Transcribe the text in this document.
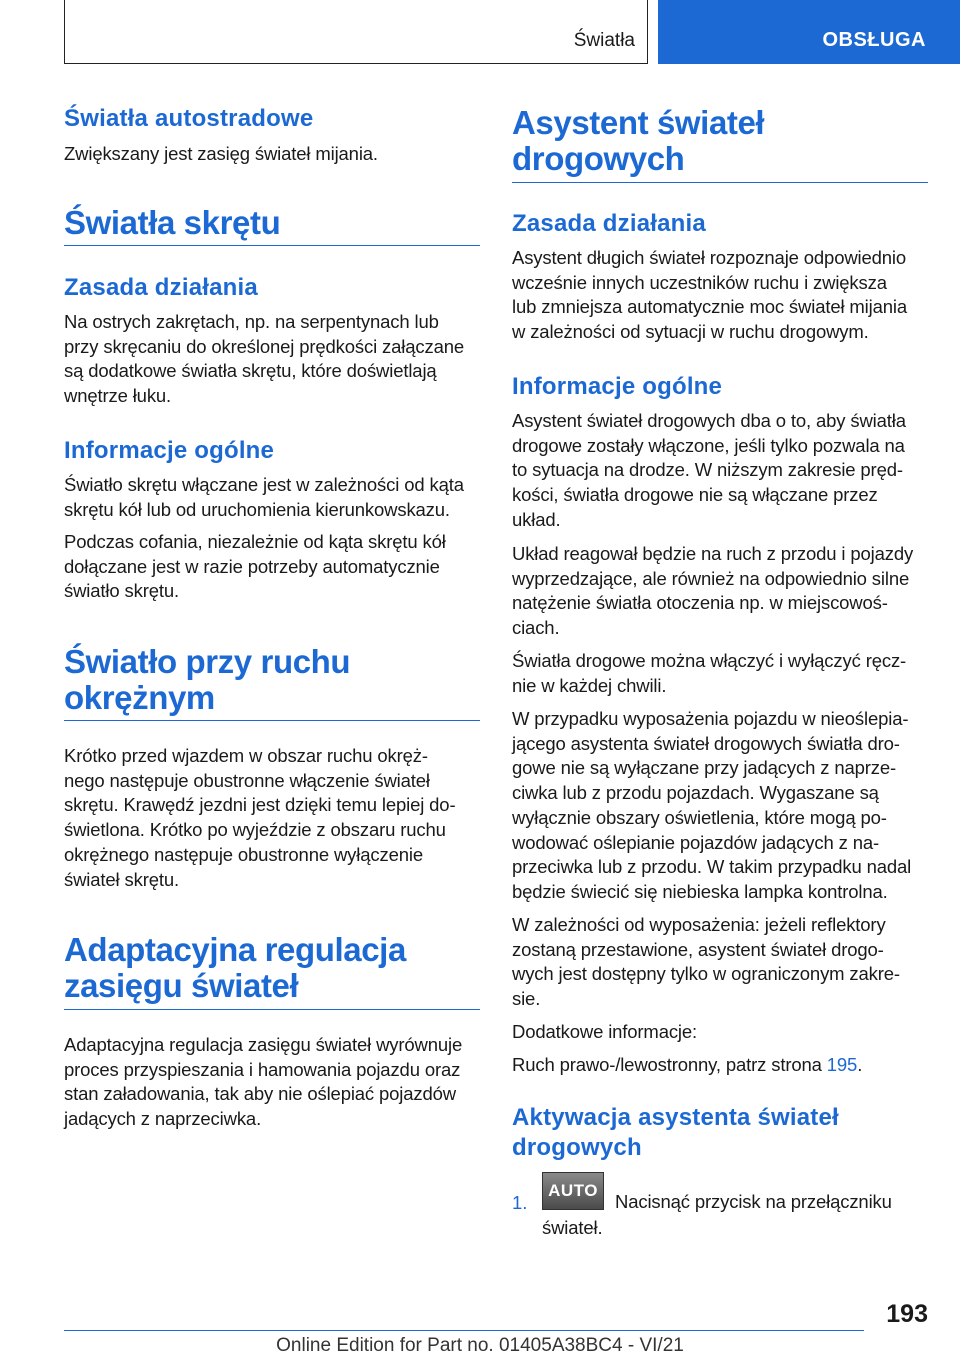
Światła	OBSŁUGA
Światła autostradowe

Zwiększany jest zasięg świateł mijania.

Światła skrętu
Zasada działania

Na ostrych zakrętach, np. na serpentynach lub

przy skręcaniu do określonej prędkości załączane

są dodatkowe światła skrętu, które doświetlają

wnętrze łuku.

Informacje ogólne

Światło skrętu włączane jest w zależności od kąta

skrętu kół lub od uruchomienia kierunkowskazu.

Podczas cofania, niezależnie od kąta skrętu kół

dołączane jest w razie potrzeby automatycznie

światło skrętu.

Światło przy ruchu
okrężnym

Krótko przed wjazdem w obszar ruchu okręż-

nego następuje obustronne włączenie świateł

skrętu. Krawędź jezdni jest dzięki temu lepiej do-

świetlona. Krótko po wyjeździe z obszaru ruchu

okrężnego następuje obustronne wyłączenie

świateł skrętu.

Adaptacyjna regulacja
zasięgu świateł

Adaptacyjna regulacja zasięgu świateł wyrównuje

proces przyspieszania i hamowania pojazdu oraz

stan załadowania, tak aby nie oślepiać pojazdów

jadących z naprzeciwka.

Asystent świateł
drogowych
Zasada działania

Asystent długich świateł rozpoznaje odpowiednio

wcześnie innych uczestników ruchu i zwiększa

lub zmniejsza automatycznie moc świateł mijania

w zależności od sytuacji w ruchu drogowym.

Informacje ogólne

Asystent świateł drogowych dba o to, aby światła

drogowe zostały włączone, jeśli tylko pozwala na

to sytuacja na drodze. W niższym zakresie pręd-

kości, światła drogowe nie są włączane przez

układ.

Układ reagował będzie na ruch z przodu i pojazdy

wyprzedzające, ale również na odpowiednio silne

natężenie światła otoczenia np. w miejscowoś-

ciach.

Światła drogowe można włączyć i wyłączyć ręcz-

nie w każdej chwili.

W przypadku wyposażenia pojazdu w nieoślepia-

jącego asystenta świateł drogowych światła dro-

gowe nie są wyłączane przy jadących z naprze-

ciwka lub z przodu pojazdach. Wygaszane są

wyłącznie obszary oświetlenia, które mogą po-

wodować oślepianie pojazdów jadących z na-

przeciwka lub z przodu. W takim przypadku nadal

będzie świecić się niebieska lampka kontrolna.

W zależności od wyposażenia: jeżeli reflektory

zostaną przestawione, asystent świateł drogo-

wych jest dostępny tylko w ograniczonym zakre-

sie.

Dodatkowe informacje:

Ruch prawo-/lewostronny, patrz strona 195.

Aktywacja asystenta świateł
drogowych
1.
AUTO

Nacisnąć przycisk na przełączniku

świateł.

193
Online Edition for Part no. 01405A38BC4 - VI/21
